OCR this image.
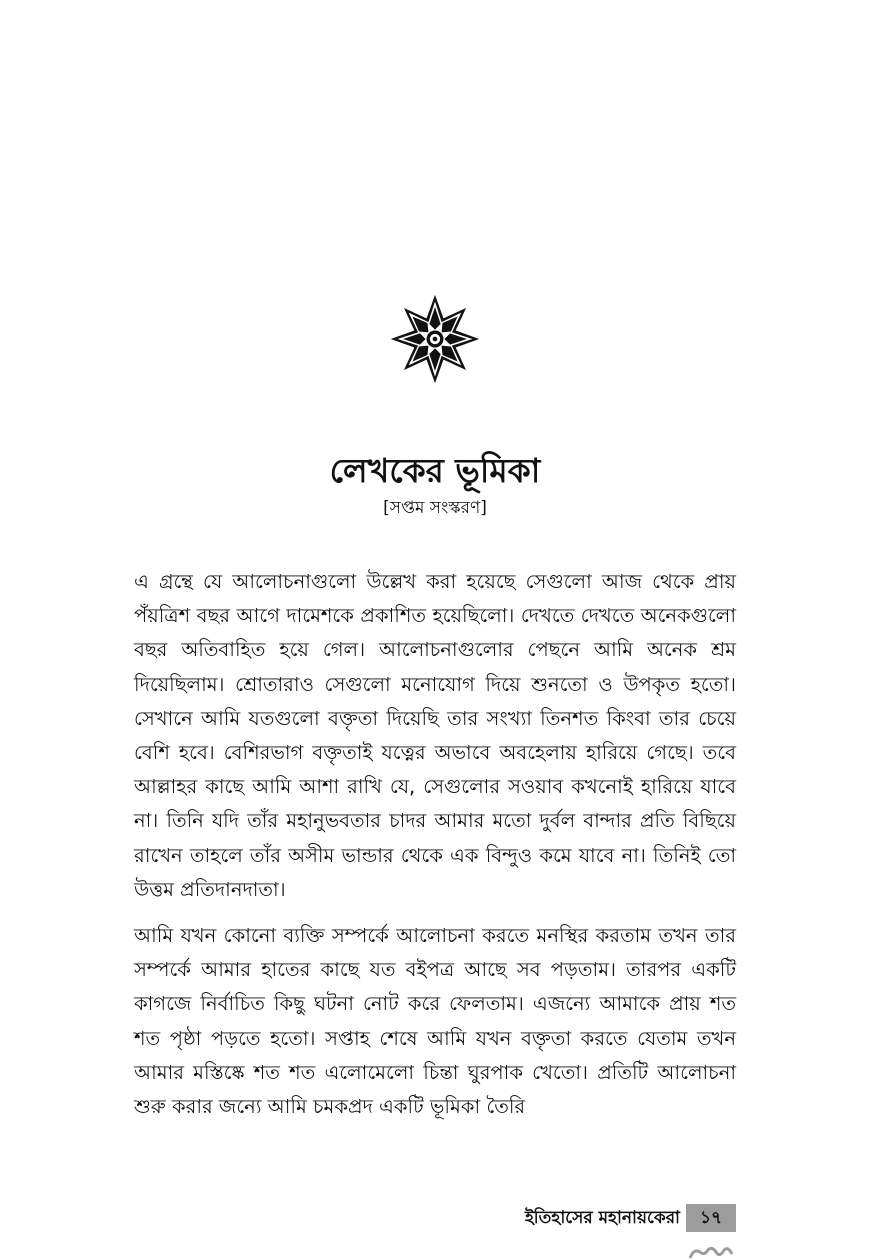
লেখকের ভূমিকা
[সপ্তম সংস্করণ]

এ গ্রন্থে যে আলোচনাগুলো উল্লেখ করা হয়েছে সেগুলো আজ থেকে প্রায় পঁয়ত্রিশ বছর আগে দামেশকে প্রকাশিত হয়েছিলো। দেখতে দেখতে অনেকগুলো বছর অতিবাহিত হয়ে গেল। আলোচনাগুলোর পেছনে আমি অনেক শ্রম দিয়েছিলাম। শ্রোতারাও সেগুলো মনোযোগ দিয়ে শুনতো ও উপকৃত হতো। সেখানে আমি যতগুলো বক্তৃতা দিয়েছি তার সংখ্যা তিনশত কিংবা তার চেয়ে বেশি হবে। বেশিরভাগ বক্তৃতাই যত্নের অভাবে অবহেলায় হারিয়ে গেছে। তবে আল্লাহর কাছে আমি আশা রাখি যে, সেগুলোর সওয়াব কখনোই হারিয়ে যাবে না। তিনি যদি তাঁর মহানুভবতার চাদর আমার মতো দুর্বল বান্দার প্রতি বিছিয়ে রাখেন তাহলে তাঁর অসীম ভান্ডার থেকে এক বিন্দুও কমে যাবে না। তিনিই তো উত্তম প্রতিদানদাতা।

আমি যখন কোনো ব্যক্তি সম্পর্কে আলোচনা করতে মনস্থির করতাম তখন তার সম্পর্কে আমার হাতের কাছে যত বইপত্র আছে সব পড়তাম। তারপর একটি কাগজে নির্বাচিত কিছু ঘটনা নোট করে ফেলতাম। এজন্যে আমাকে প্রায় শত শত পৃষ্ঠা পড়তে হতো। সপ্তাহ শেষে আমি যখন বক্তৃতা করতে যেতাম তখন আমার মস্তিষ্কে শত শত এলোমেলো চিন্তা ঘুরপাক খেতো। প্রতিটি আলোচনা শুরু করার জন্যে আমি চমকপ্রদ একটি ভূমিকা তৈরি

ইতিহাসের মহানায়কেরা	১৭
